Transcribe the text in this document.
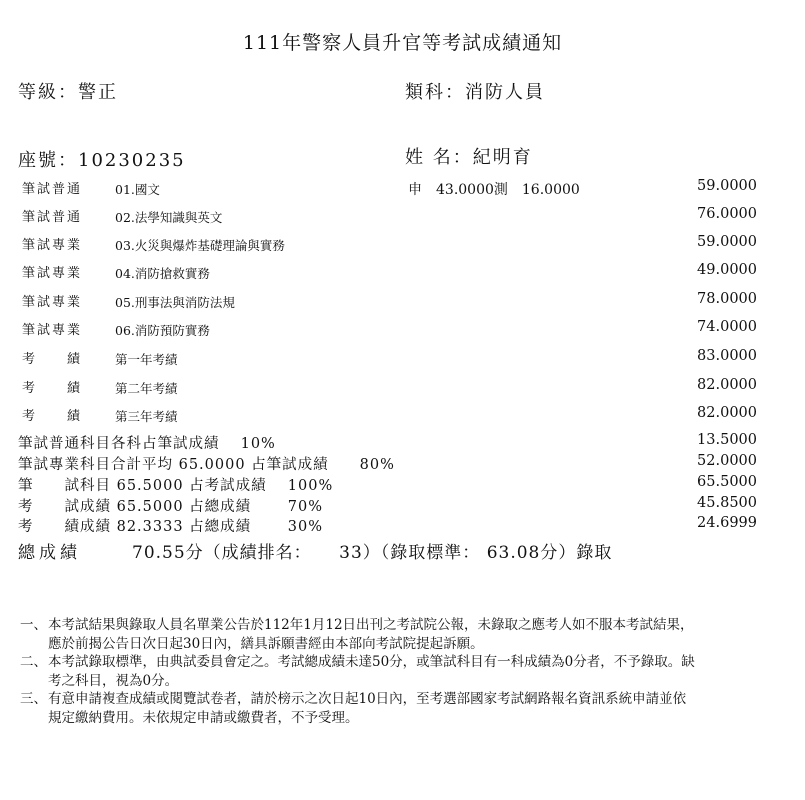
111年警察人員升官等考試成績通知
等級：警正	類科：消防人員
座號：10230235	姓 名：紀明育
筆試普通	01.國文	申　43.0000測　16.0000	59.0000
筆試普通	02.法學知識與英文	76.0000
筆試專業	03.火災與爆炸基礎理論與實務	59.0000
筆試專業	04.消防搶救實務	49.0000
筆試專業	05.刑事法與消防法規	78.0000
筆試專業	06.消防預防實務	74.0000
考　　績	第一年考績	83.0000
考　　績	第二年考績	82.0000
考　　績	第三年考績	82.0000
筆試普通科目各科占筆試成績　 10%	13.5000
筆試專業科目合計平均 65.0000 占筆試成績　　80%	52.0000
筆　　試科目 65.5000 占考試成績　 100%	65.5000
考　　試成績 65.5000 占總成績　　 70%	45.8500
考　　績成績 82.3333 占總成績　　 30%	24.6999
總成績	70.55分（成績排名：　　33）（錄取標準： 63.08分）錄取
一、 本考試結果與錄取人員名單業公告於112年1月12日出刊之考試院公報，未錄取之應考人如不服本考試結果，應於前揭公告日次日起30日內，繕具訴願書經由本部向考試院提起訴願。
二、 本考試錄取標準，由典試委員會定之。考試總成績未達50分，或筆試科目有一科成績為0分者，不予錄取。缺考之科目，視為0分。
三、 有意申請複查成績或閱覽試卷者，請於榜示之次日起10日內，至考選部國家考試網路報名資訊系統申請並依規定繳納費用。未依規定申請或繳費者，不予受理。
